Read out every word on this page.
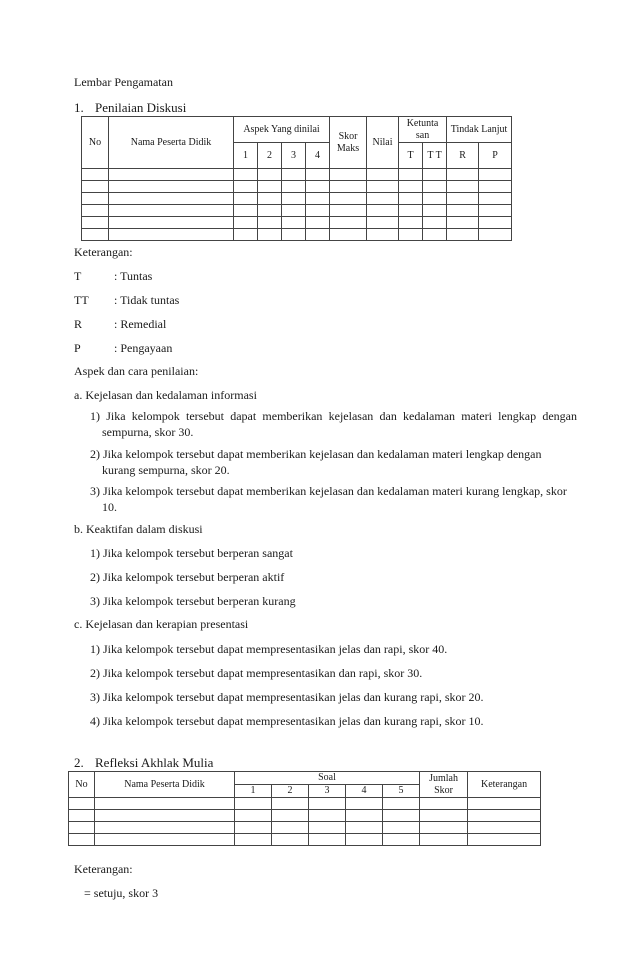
Lembar Pengamatan
1. Penilaian Diskusi
No	Nama Peserta Didik	Aspek Yang dinilai				Skor Maks	Nilai	Ketunta san		Tindak Lanjut	
		1	2	3	4			T	T T	R	P

Keterangan:
T	: Tuntas
TT : Tidak tuntas
R	: Remedial
P	: Pengayaan
Aspek dan cara penilaian:
a. Kejelasan dan kedalaman informasi
1) Jika kelompok tersebut dapat memberikan kejelasan dan kedalaman materi lengkap dengan sempurna, skor 30.
2) Jika kelompok tersebut dapat memberikan kejelasan dan kedalaman materi lengkap dengan kurang sempurna, skor 20.
3) Jika kelompok tersebut dapat memberikan kejelasan dan kedalaman materi kurang lengkap, skor 10.
b. Keaktifan dalam diskusi
1) Jika kelompok tersebut berperan sangat
2) Jika kelompok tersebut berperan aktif
3) Jika kelompok tersebut berperan kurang
c. Kejelasan dan kerapian presentasi
1) Jika kelompok tersebut dapat mempresentasikan jelas dan rapi, skor 40.
2) Jika kelompok tersebut dapat mempresentasikan dan rapi, skor 30.
3) Jika kelompok tersebut dapat mempresentasikan jelas dan kurang rapi, skor 20.
4) Jika kelompok tersebut dapat mempresentasikan jelas dan kurang rapi, skor 10.
2. Refleksi Akhlak Mulia
No	Nama Peserta Didik	Soal					Jumlah Skor	Keterangan	
		1	2	3	4	5			

Keterangan:
= setuju, skor 3
